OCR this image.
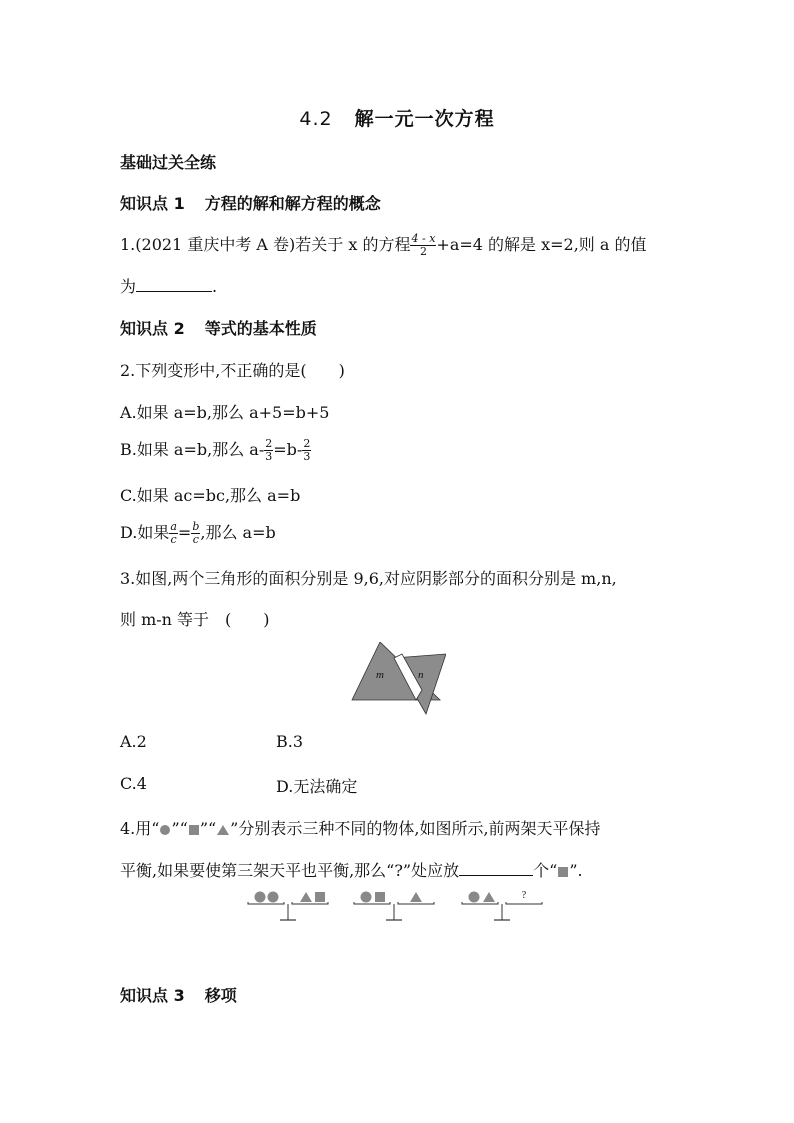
4.2 解一元一次方程
基础过关全练
知识点 1 方程的解和解方程的概念
1.(2021 重庆中考 A 卷)若关于 x 的方程 $\frac{4 - x}{2} +a=4$ 的解是 x=2,则 a 的值
为	.
知识点 2 等式的基本性质
2.下列变形中,不正确的是(　　)
A.如果 a=b,那么 a+5=b+5
B.如果 a=b,那么 $a- \frac{2}{3} =b- \frac{2}{3}$
C.如果 ac=bc,那么 a=b
D.如果 $\frac{a}{c} = \frac{b}{c}$ ,那么 a=b
3.如图,两个三角形的面积分别是 9,6,对应阴影部分的面积分别是 m,n,
则 m-n 等于　(　　)
m	n
A.2	B.3
C.4	D.无法确定
4.用“ ”“ ”“ ”分别表示三种不同的物体,如图所示,前两架天平保持
平衡,如果要使第三架天平也平衡,那么“?”处应放	个“ ”.
?
知识点 3 移项
